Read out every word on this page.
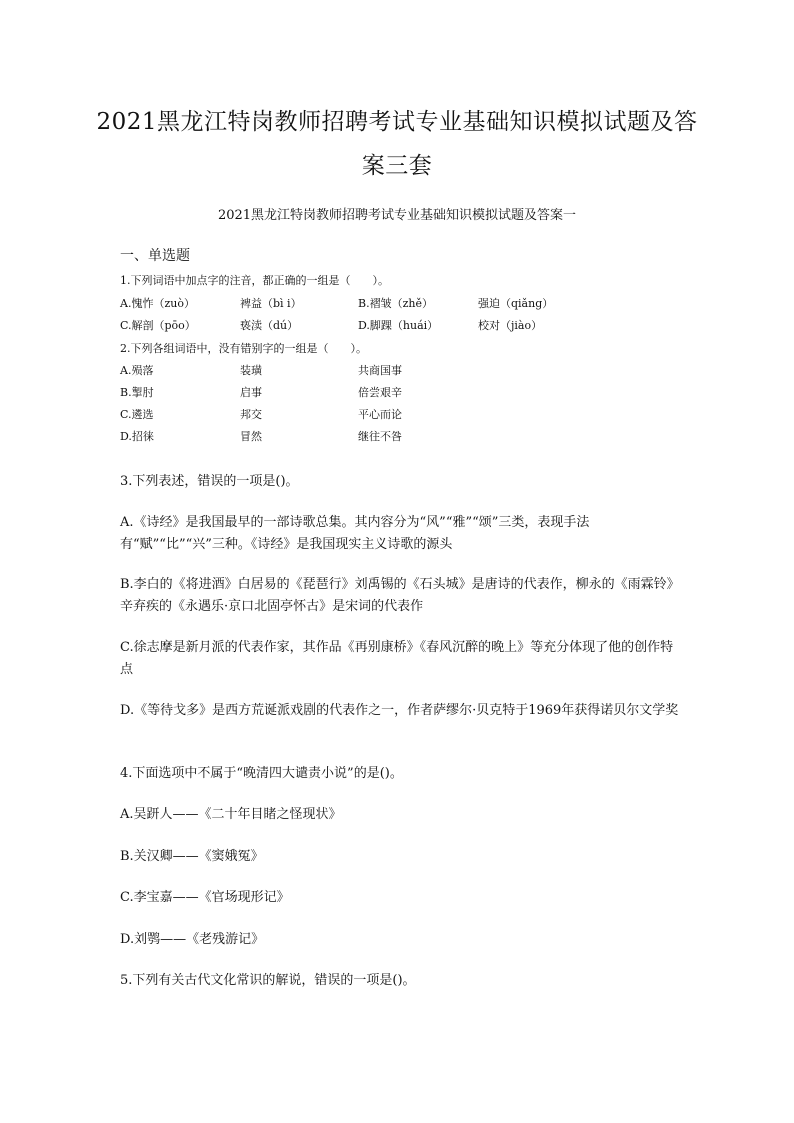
2021黑龙江特岗教师招聘考试专业基础知识模拟试题及答
案三套
2021黑龙江特岗教师招聘考试专业基础知识模拟试题及答案一
一、单选题
1.下列词语中加点字的注音，都正确的一组是（　　）。
A.愧怍（zuò）	裨益（bì i）	B.褶皱（zhě）	强迫（qiǎng）
C.解剖（pōo）	亵渎（dú）	D.脚踝（huái）	校对（jiào）
2.下列各组词语中，没有错别字的一组是（　　）。
A.殒落	装璜	共商国事
B.掣肘	启事	倍尝艰辛
C.遴选	邦交	平心而论
D.招徕	冒然	继往不咎
3.下列表述，错误的一项是()。
A.《诗经》是我国最早的一部诗歌总集。其内容分为“风”“雅”“颂”三类，表现手法有“赋”“比”“兴”三种。《诗经》是我国现实主义诗歌的源头
B.李白的《将进酒》白居易的《琵琶行》刘禹锡的《石头城》是唐诗的代表作，柳永的《雨霖铃》辛弃疾的《永遇乐·京口北固亭怀古》是宋词的代表作
C.徐志摩是新月派的代表作家，其作品《再别康桥》《春风沉醉的晚上》等充分体现了他的创作特点
D.《等待戈多》是西方荒诞派戏剧的代表作之一，作者萨缪尔·贝克特于1969年获得诺贝尔文学奖
4.下面选项中不属于“晚清四大谴责小说”的是()。
A.吴趼人——《二十年目睹之怪现状》
B.关汉卿——《窦娥冤》
C.李宝嘉——《官场现形记》
D.刘鹗——《老残游记》
5.下列有关古代文化常识的解说，错误的一项是()。
